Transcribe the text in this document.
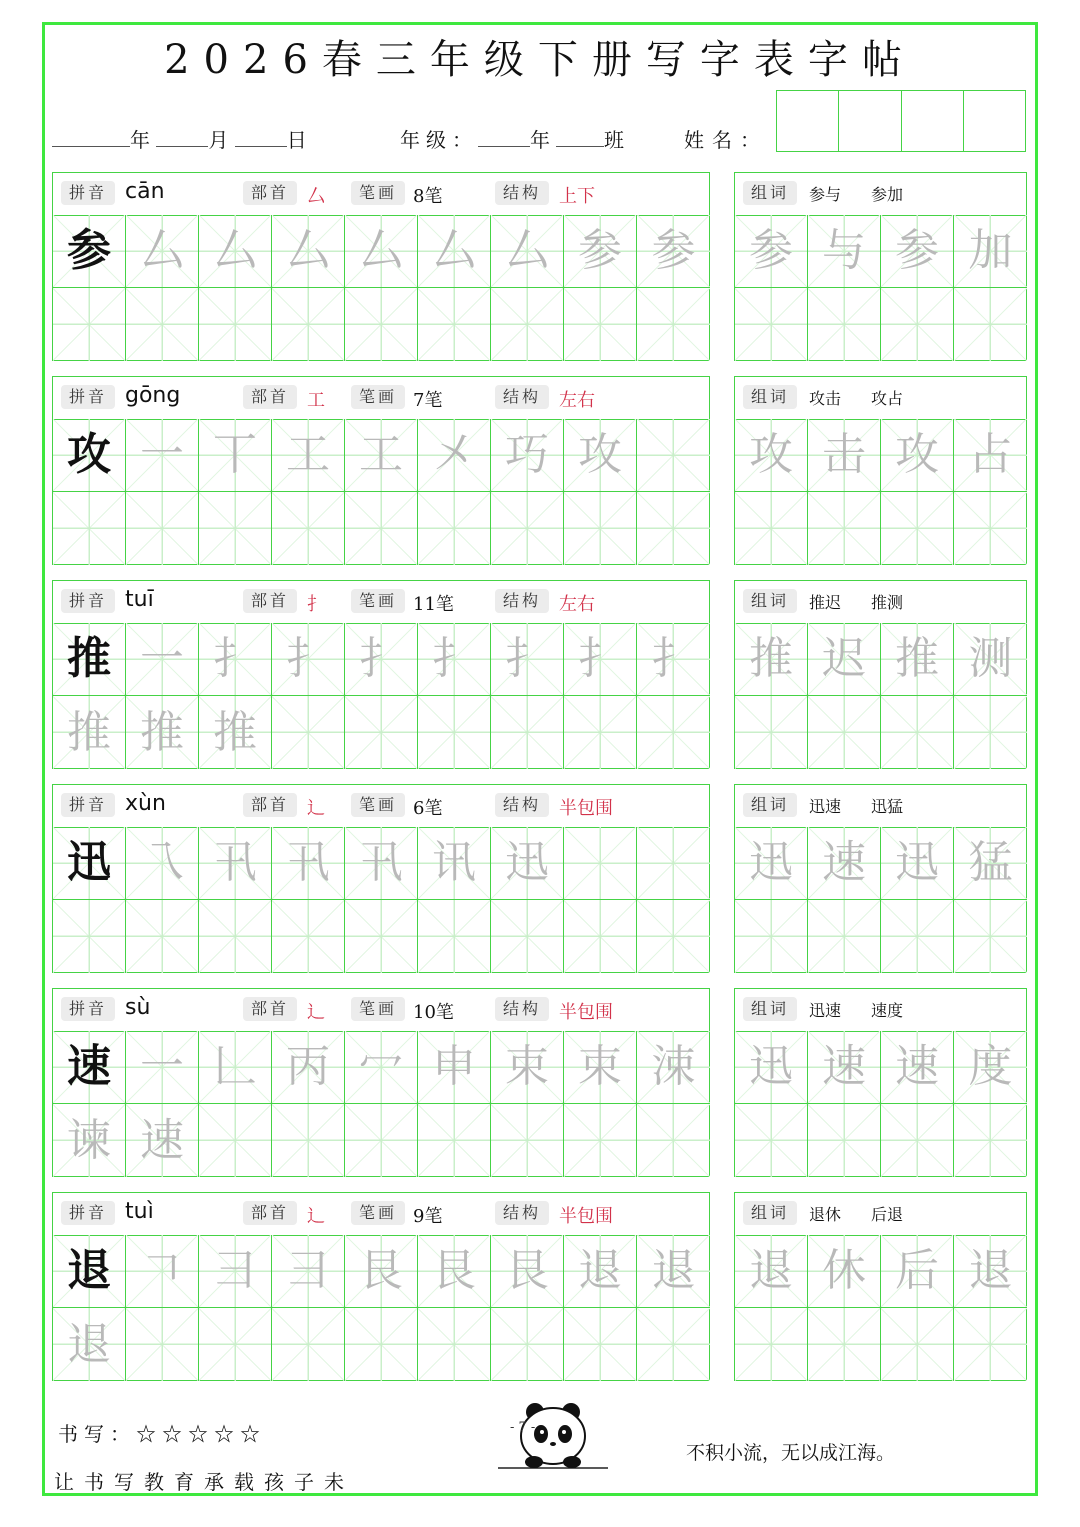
2026春三年级下册写字表字帖
年	月	日	年级：	年 班	姓名：
拼音 cān	部首 厶	笔画 8笔	结构 上下
参 厶 厶 厶 厶 厶 厶 参 参
组词	参与 参加
参 与 参 加
拼音 gōng	部首 工	笔画 7笔	结构 左右
攻 一 丅 工 工 㐅 巧 攻
组词	攻击 攻占
攻 击 攻 占
拼音 tuī	部首 扌	笔画 11笔	结构 左右
推 一 扌 扌 扌 扌 扌 扌 扌
推 推 推
组词	推迟 推测
推 迟 推 测
拼音 xùn	部首 辶	笔画 6笔	结构 半包围
迅 乁 卂 卂 卂 讯 迅
组词	迅速 迅猛
迅 速 迅 猛
拼音 sù	部首 辶	笔画 10笔	结构 半包围
速 一 𠃊 丙 冖 申 束 束 涑
谏 速
组词	迅速 速度
迅 速 速 度
拼音 tuì	部首 辶	笔画 9笔	结构 半包围
退 𠃍 彐 彐 艮 艮 艮 退 退
退
组词	退休 后退
退 休 后 退
书写：☆☆☆☆☆
让书写教育承载孩子未
不积小流，无以成江海。
- 7 -
